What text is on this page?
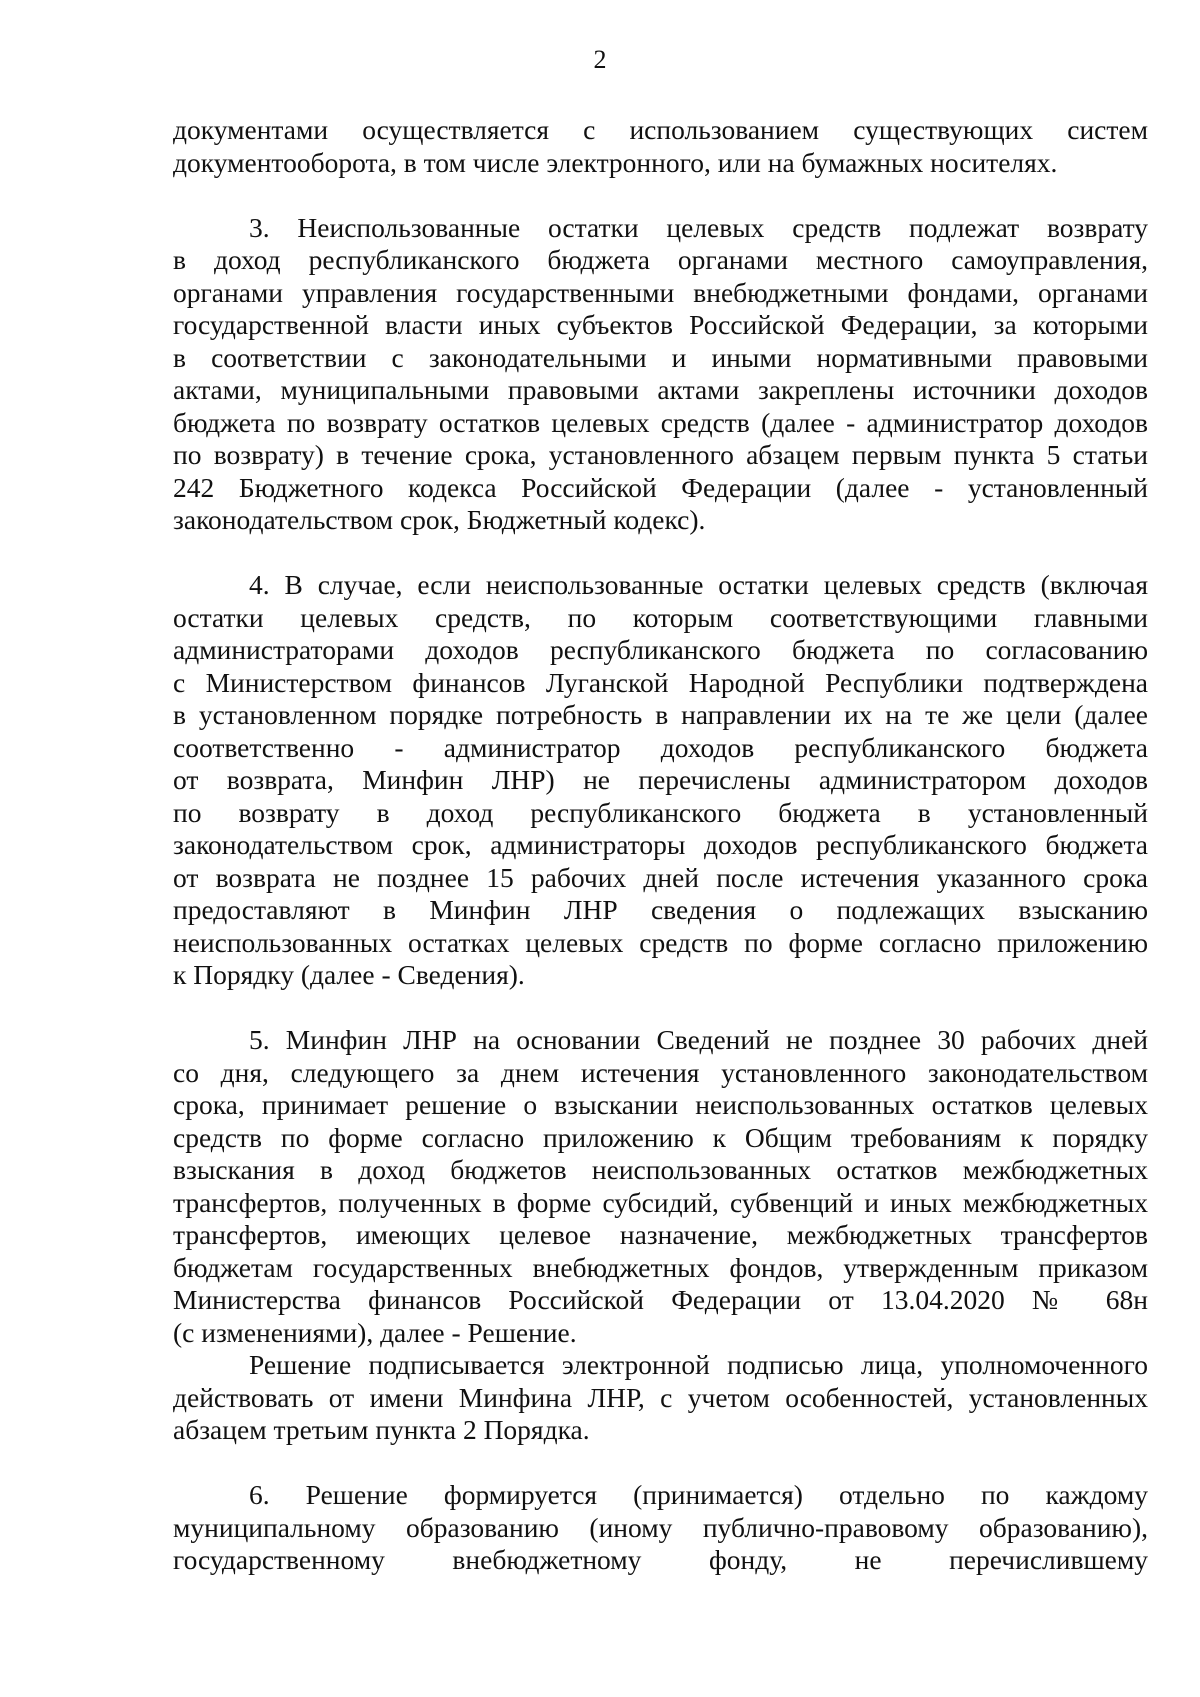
2

документами осуществляется с использованием существующих систем
документооборота, в том числе электронного, или на бумажных носителях.

3. Неиспользованные остатки целевых средств подлежат возврату
в доход республиканского бюджета органами местного самоуправления,
органами управления государственными внебюджетными фондами, органами
государственной власти иных субъектов Российской Федерации, за которыми
в соответствии с законодательными и иными нормативными правовыми
актами, муниципальными правовыми актами закреплены источники доходов
бюджета по возврату остатков целевых средств (далее - администратор доходов
по возврату) в течение срока, установленного абзацем первым пункта 5 статьи
242 Бюджетного кодекса Российской Федерации (далее - установленный
законодательством срок, Бюджетный кодекс).

4. В случае, если неиспользованные остатки целевых средств (включая
остатки целевых средств, по которым соответствующими главными
администраторами доходов республиканского бюджета по согласованию
с Министерством финансов Луганской Народной Республики подтверждена
в установленном порядке потребность в направлении их на те же цели (далее
соответственно - администратор доходов республиканского бюджета
от возврата, Минфин ЛНР) не перечислены администратором доходов
по возврату в доход республиканского бюджета в установленный
законодательством срок, администраторы доходов республиканского бюджета
от возврата не позднее 15 рабочих дней после истечения указанного срока
предоставляют в Минфин ЛНР сведения о подлежащих взысканию
неиспользованных остатках целевых средств по форме согласно приложению
к Порядку (далее - Сведения).

5. Минфин ЛНР на основании Сведений не позднее 30 рабочих дней
со дня, следующего за днем истечения установленного законодательством
срока, принимает решение о взыскании неиспользованных остатков целевых
средств по форме согласно приложению к Общим требованиям к порядку
взыскания в доход бюджетов неиспользованных остатков межбюджетных
трансфертов, полученных в форме субсидий, субвенций и иных межбюджетных
трансфертов, имеющих целевое назначение, межбюджетных трансфертов
бюджетам государственных внебюджетных фондов, утвержденным приказом
Министерства финансов Российской Федерации от 13.04.2020 № 68н
(с изменениями), далее - Решение.

Решение подписывается электронной подписью лица, уполномоченного
действовать от имени Минфина ЛНР, с учетом особенностей, установленных
абзацем третьим пункта 2 Порядка.

6. Решение формируется (принимается) отдельно по каждому
муниципальному образованию (иному публично-правовому образованию),
государственному внебюджетному фонду, не перечислившему
